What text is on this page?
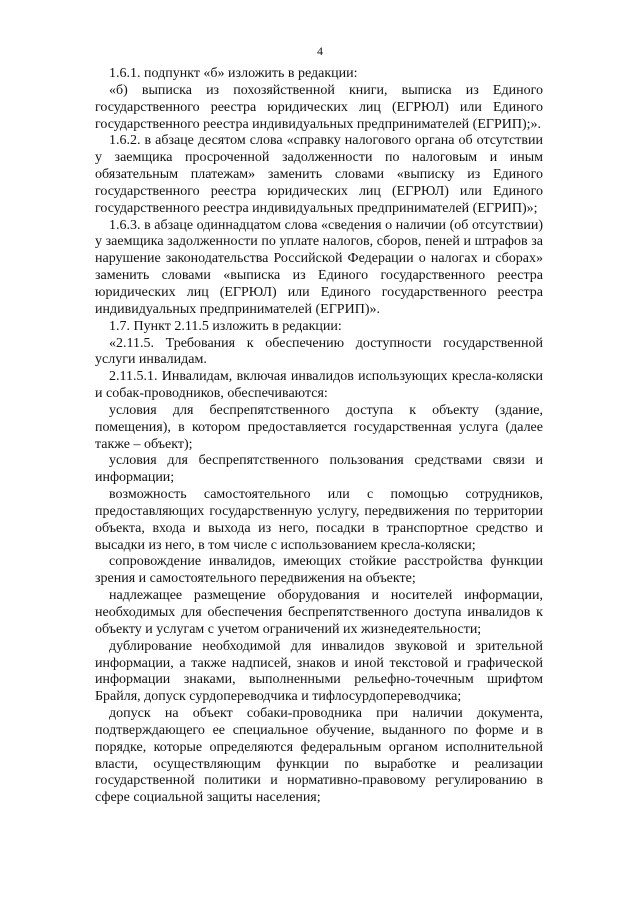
4

1.6.1. подпункт «б» изложить в редакции:

«б) выписка из похозяйственной книги, выписка из Единого государственного реестра юридических лиц (ЕГРЮЛ) или Единого государственного реестра индивидуальных предпринимателей (ЕГРИП);».

1.6.2. в абзаце десятом слова «справку налогового органа об отсутствии у заемщика просроченной задолженности по налоговым и иным обязательным платежам» заменить словами «выписку из Единого государственного реестра юридических лиц (ЕГРЮЛ) или Единого государственного реестра индивидуальных предпринимателей (ЕГРИП)»;

1.6.3. в абзаце одиннадцатом слова «сведения о наличии (об отсутствии) у заемщика задолженности по уплате налогов, сборов, пеней и штрафов за нарушение законодательства Российской Федерации о налогах и сборах» заменить словами «выписка из Единого государственного реестра юридических лиц (ЕГРЮЛ) или Единого государственного реестра индивидуальных предпринимателей (ЕГРИП)».

1.7. Пункт 2.11.5 изложить в редакции:

«2.11.5. Требования к обеспечению доступности государственной услуги инвалидам.

2.11.5.1. Инвалидам, включая инвалидов использующих кресла-коляски и собак-проводников, обеспечиваются:

условия для беспрепятственного доступа к объекту (здание, помещения), в котором предоставляется государственная услуга (далее также – объект);

условия для беспрепятственного пользования средствами связи и информации;

возможность самостоятельного или с помощью сотрудников, предоставляющих государственную услугу, передвижения по территории объекта, входа и выхода из него, посадки в транспортное средство и высадки из него, в том числе с использованием кресла-коляски;

сопровождение инвалидов, имеющих стойкие расстройства функции зрения и самостоятельного передвижения на объекте;

надлежащее размещение оборудования и носителей информации, необходимых для обеспечения беспрепятственного доступа инвалидов к объекту и услугам с учетом ограничений их жизнедеятельности;

дублирование необходимой для инвалидов звуковой и зрительной информации, а также надписей, знаков и иной текстовой и графической информации знаками, выполненными рельефно-точечным шрифтом Брайля, допуск сурдопереводчика и тифлосурдопереводчика;

допуск на объект собаки-проводника при наличии документа, подтверждающего ее специальное обучение, выданного по форме и в порядке, которые определяются федеральным органом исполнительной власти, осуществляющим функции по выработке и реализации государственной политики и нормативно-правовому регулированию в сфере социальной защиты населения;
